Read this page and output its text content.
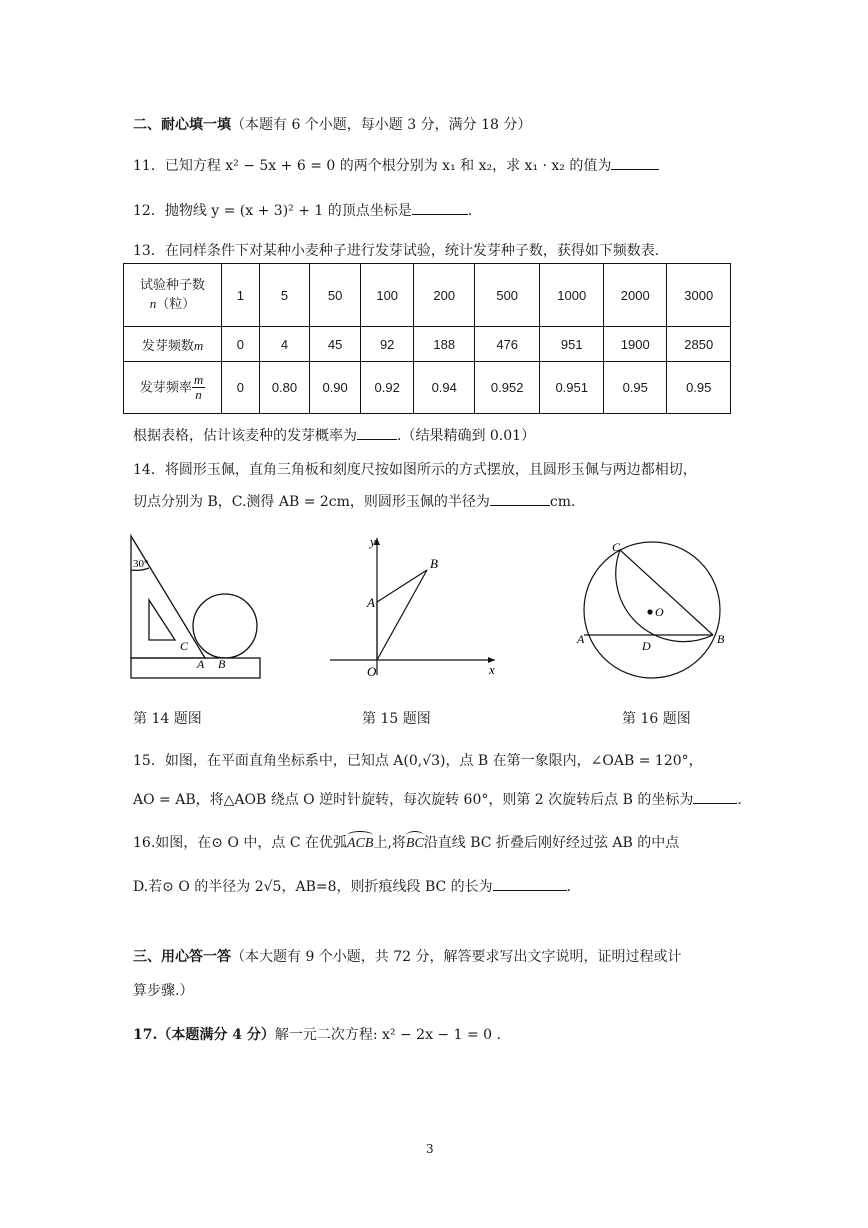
二、耐心填一填（本题有 6 个小题，每小题 3 分，满分 18 分）
11．已知方程 x² − 5x + 6 = 0 的两个根分别为 x₁ 和 x₂，求 x₁ · x₂ 的值为
12．抛物线 y = (x + 3)² + 1 的顶点坐标是	.
13．在同样条件下对某种小麦种子进行发芽试验，统计发芽种子数，获得如下频数表.
试验种子数
n（粒）	1	5	50	100	200	500	1000	2000	3000
发芽频数m	0	4	45	92	188	476	951	1900	2850
发芽频率 $\frac{m}{n}$	0	0.80	0.90	0.92	0.94	0.952	0.951	0.95	0.95
根据表格，估计该麦种的发芽概率为	.（结果精确到 0.01）
14．将圆形玉佩，直角三角板和刻度尺按如图所示的方式摆放，且圆形玉佩与两边都相切，
切点分别为 B，C.测得 AB = 2cm，则圆形玉佩的半径为	cm.
30°
C
A B
y
x
O
A
B
O
C
A	B
D
第 14 题图	第 15 题图	第 16 题图
15．如图，在平面直角坐标系中，已知点 A(0,√3)，点 B 在第一象限内，∠OAB = 120°，
AO = AB，将△AOB 绕点 O 逆时针旋转，每次旋转 60°，则第 2 次旋转后点 B 的坐标为	.
16.如图，在⊙ O 中，点 C 在优弧ACB上,将BC沿直线 BC 折叠后刚好经过弦 AB 的中点
D.若⊙ O 的半径为 2√5，AB=8，则折痕线段 BC 的长为	.
三、用心答一答（本大题有 9 个小题，共 72 分，解答要求写出文字说明，证明过程或计
算步骤.）
17.（本题满分 4 分）解一元二次方程: x² − 2x − 1 = 0 .
3
